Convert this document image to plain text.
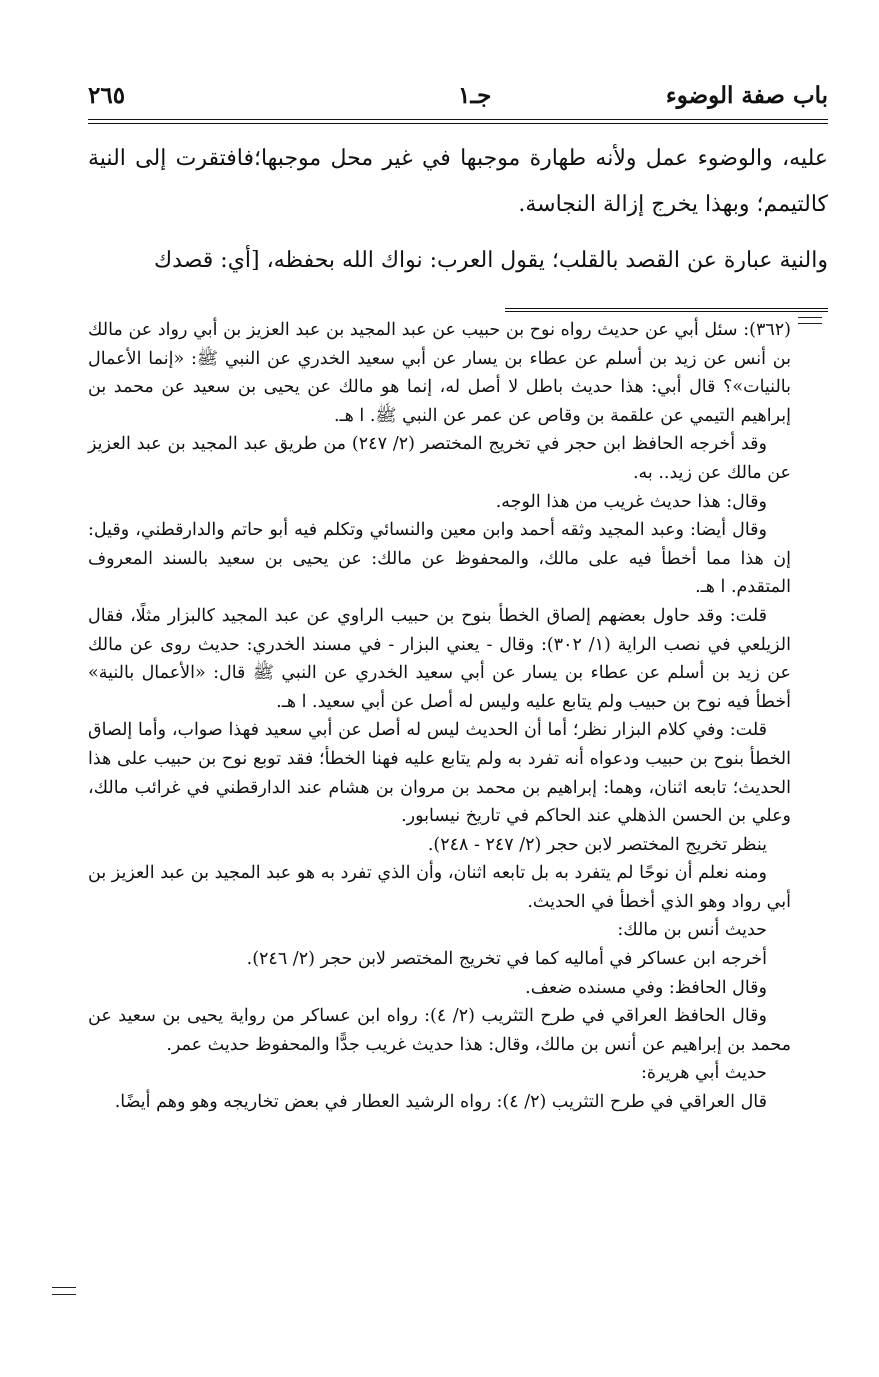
باب صفة الوضوء
جـ١
٢٦٥

عليه، والوضوء عمل ولأنه طهارة موجبها في غير محل موجبها؛فافتقرت إلى النية كالتيمم؛ وبهذا يخرج إزالة النجاسة.

والنية عبارة عن القصد بالقلب؛ يقول العرب: نواك الله بحفظه، [أي: قصدك

(٣٦٢): سئل أبي عن حديث رواه نوح بن حبيب عن عبد المجيد بن عبد العزيز بن أبي رواد عن مالك بن أنس عن زيد بن أسلم عن عطاء بن يسار عن أبي سعيد الخدري عن النبي ﷺ: «إنما الأعمال بالنيات»؟ قال أبي: هذا حديث باطل لا أصل له، إنما هو مالك عن يحيى بن سعيد عن محمد بن إبراهيم التيمي عن علقمة بن وقاص عن عمر عن النبي ﷺ. ا هـ.

وقد أخرجه الحافظ ابن حجر في تخريج المختصر (٢/ ٢٤٧) من طريق عبد المجيد بن عبد العزيز عن مالك عن زيد.. به.

وقال: هذا حديث غريب من هذا الوجه.

وقال أيضا: وعبد المجيد وثقه أحمد وابن معين والنسائي وتكلم فيه أبو حاتم والدارقطني، وقيل: إن هذا مما أخطأ فيه على مالك، والمحفوظ عن مالك: عن يحيى بن سعيد بالسند المعروف المتقدم. ا هـ.

قلت: وقد حاول بعضهم إلصاق الخطأ بنوح بن حبيب الراوي عن عبد المجيد كالبزار مثلًا، فقال الزيلعي في نصب الراية (١/ ٣٠٢): وقال - يعني البزار - في مسند الخدري: حديث روى عن مالك عن زيد بن أسلم عن عطاء بن يسار عن أبي سعيد الخدري عن النبي ﷺ قال: «الأعمال بالنية» أخطأ فيه نوح بن حبيب ولم يتابع عليه وليس له أصل عن أبي سعيد. ا هـ.

قلت: وفي كلام البزار نظر؛ أما أن الحديث ليس له أصل عن أبي سعيد فهذا صواب، وأما إلصاق الخطأ بنوح بن حبيب ودعواه أنه تفرد به ولم يتابع عليه فهنا الخطأ؛ فقد توبع نوح بن حبيب على هذا الحديث؛ تابعه اثنان، وهما: إبراهيم بن محمد بن مروان بن هشام عند الدارقطني في غرائب مالك، وعلي بن الحسن الذهلي عند الحاكم في تاريخ نيسابور.

ينظر تخريج المختصر لابن حجر (٢/ ٢٤٧ - ٢٤٨).

ومنه نعلم أن نوحًا لم يتفرد به بل تابعه اثنان، وأن الذي تفرد به هو عبد المجيد بن عبد العزيز بن أبي رواد وهو الذي أخطأ في الحديث.

حديث أنس بن مالك:

أخرجه ابن عساكر في أماليه كما في تخريج المختصر لابن حجر (٢/ ٢٤٦).

وقال الحافظ: وفي مسنده ضعف.

وقال الحافظ العراقي في طرح التثريب (٢/ ٤): رواه ابن عساكر من رواية يحيى بن سعيد عن محمد بن إبراهيم عن أنس بن مالك، وقال: هذا حديث غريب جدًّا والمحفوظ حديث عمر.

حديث أبي هريرة:

قال العراقي في طرح التثريب (٢/ ٤): رواه الرشيد العطار في بعض تخاريجه وهو وهم أيضًا.
